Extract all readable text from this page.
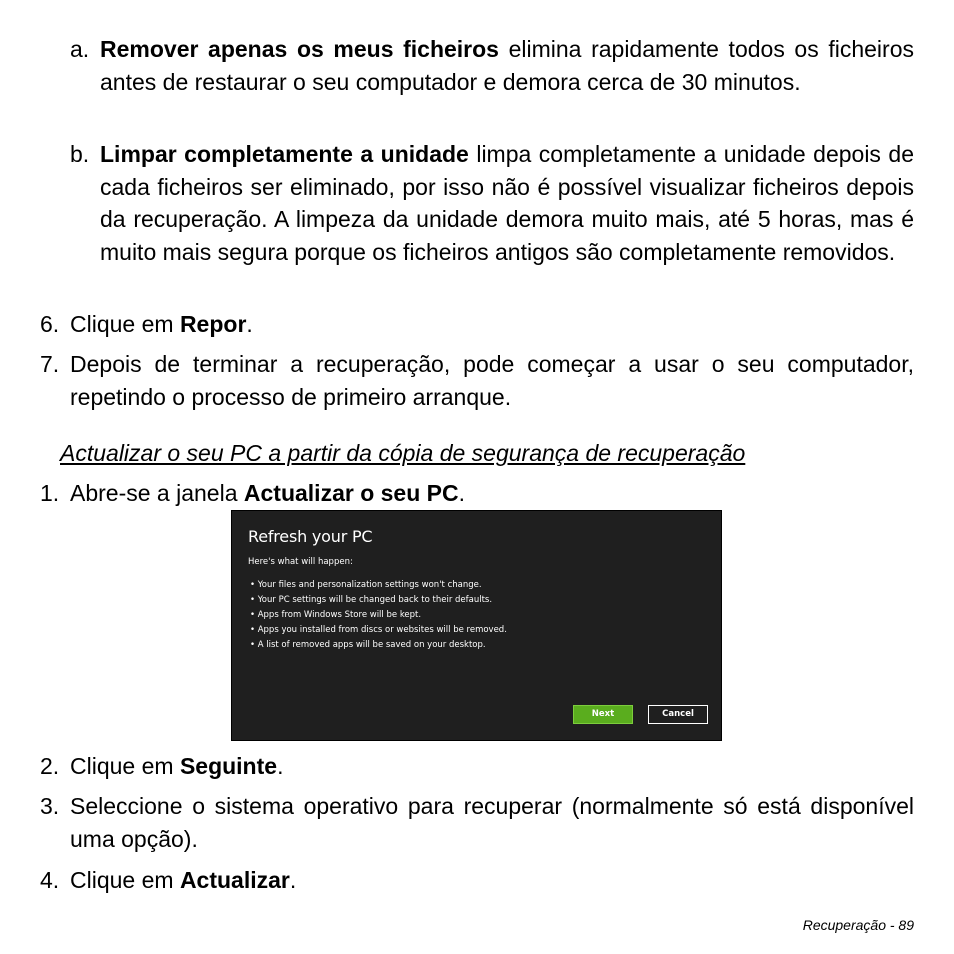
a. Remover apenas os meus ficheiros elimina rapidamente todos os ficheiros antes de restaurar o seu computador e demora cerca de 30 minutos.
b. Limpar completamente a unidade limpa completamente a unidade depois de cada ficheiros ser eliminado, por isso não é possível visualizar ficheiros depois da recuperação. A limpeza da unidade demora muito mais, até 5 horas, mas é muito mais segura porque os ficheiros antigos são completamente removidos.
6. Clique em Repor.
7. Depois de terminar a recuperação, pode começar a usar o seu computador, repetindo o processo de primeiro arranque.
Actualizar o seu PC a partir da cópia de segurança de recuperação
1. Abre-se a janela Actualizar o seu PC.
Refresh your PC
Here's what will happen:
• Your files and personalization settings won't change.
• Your PC settings will be changed back to their defaults.
• Apps from Windows Store will be kept.
• Apps you installed from discs or websites will be removed.
• A list of removed apps will be saved on your desktop.
Next	Cancel
2. Clique em Seguinte.
3. Seleccione o sistema operativo para recuperar (normalmente só está disponível uma opção).
4. Clique em Actualizar.
Recuperação - 89
